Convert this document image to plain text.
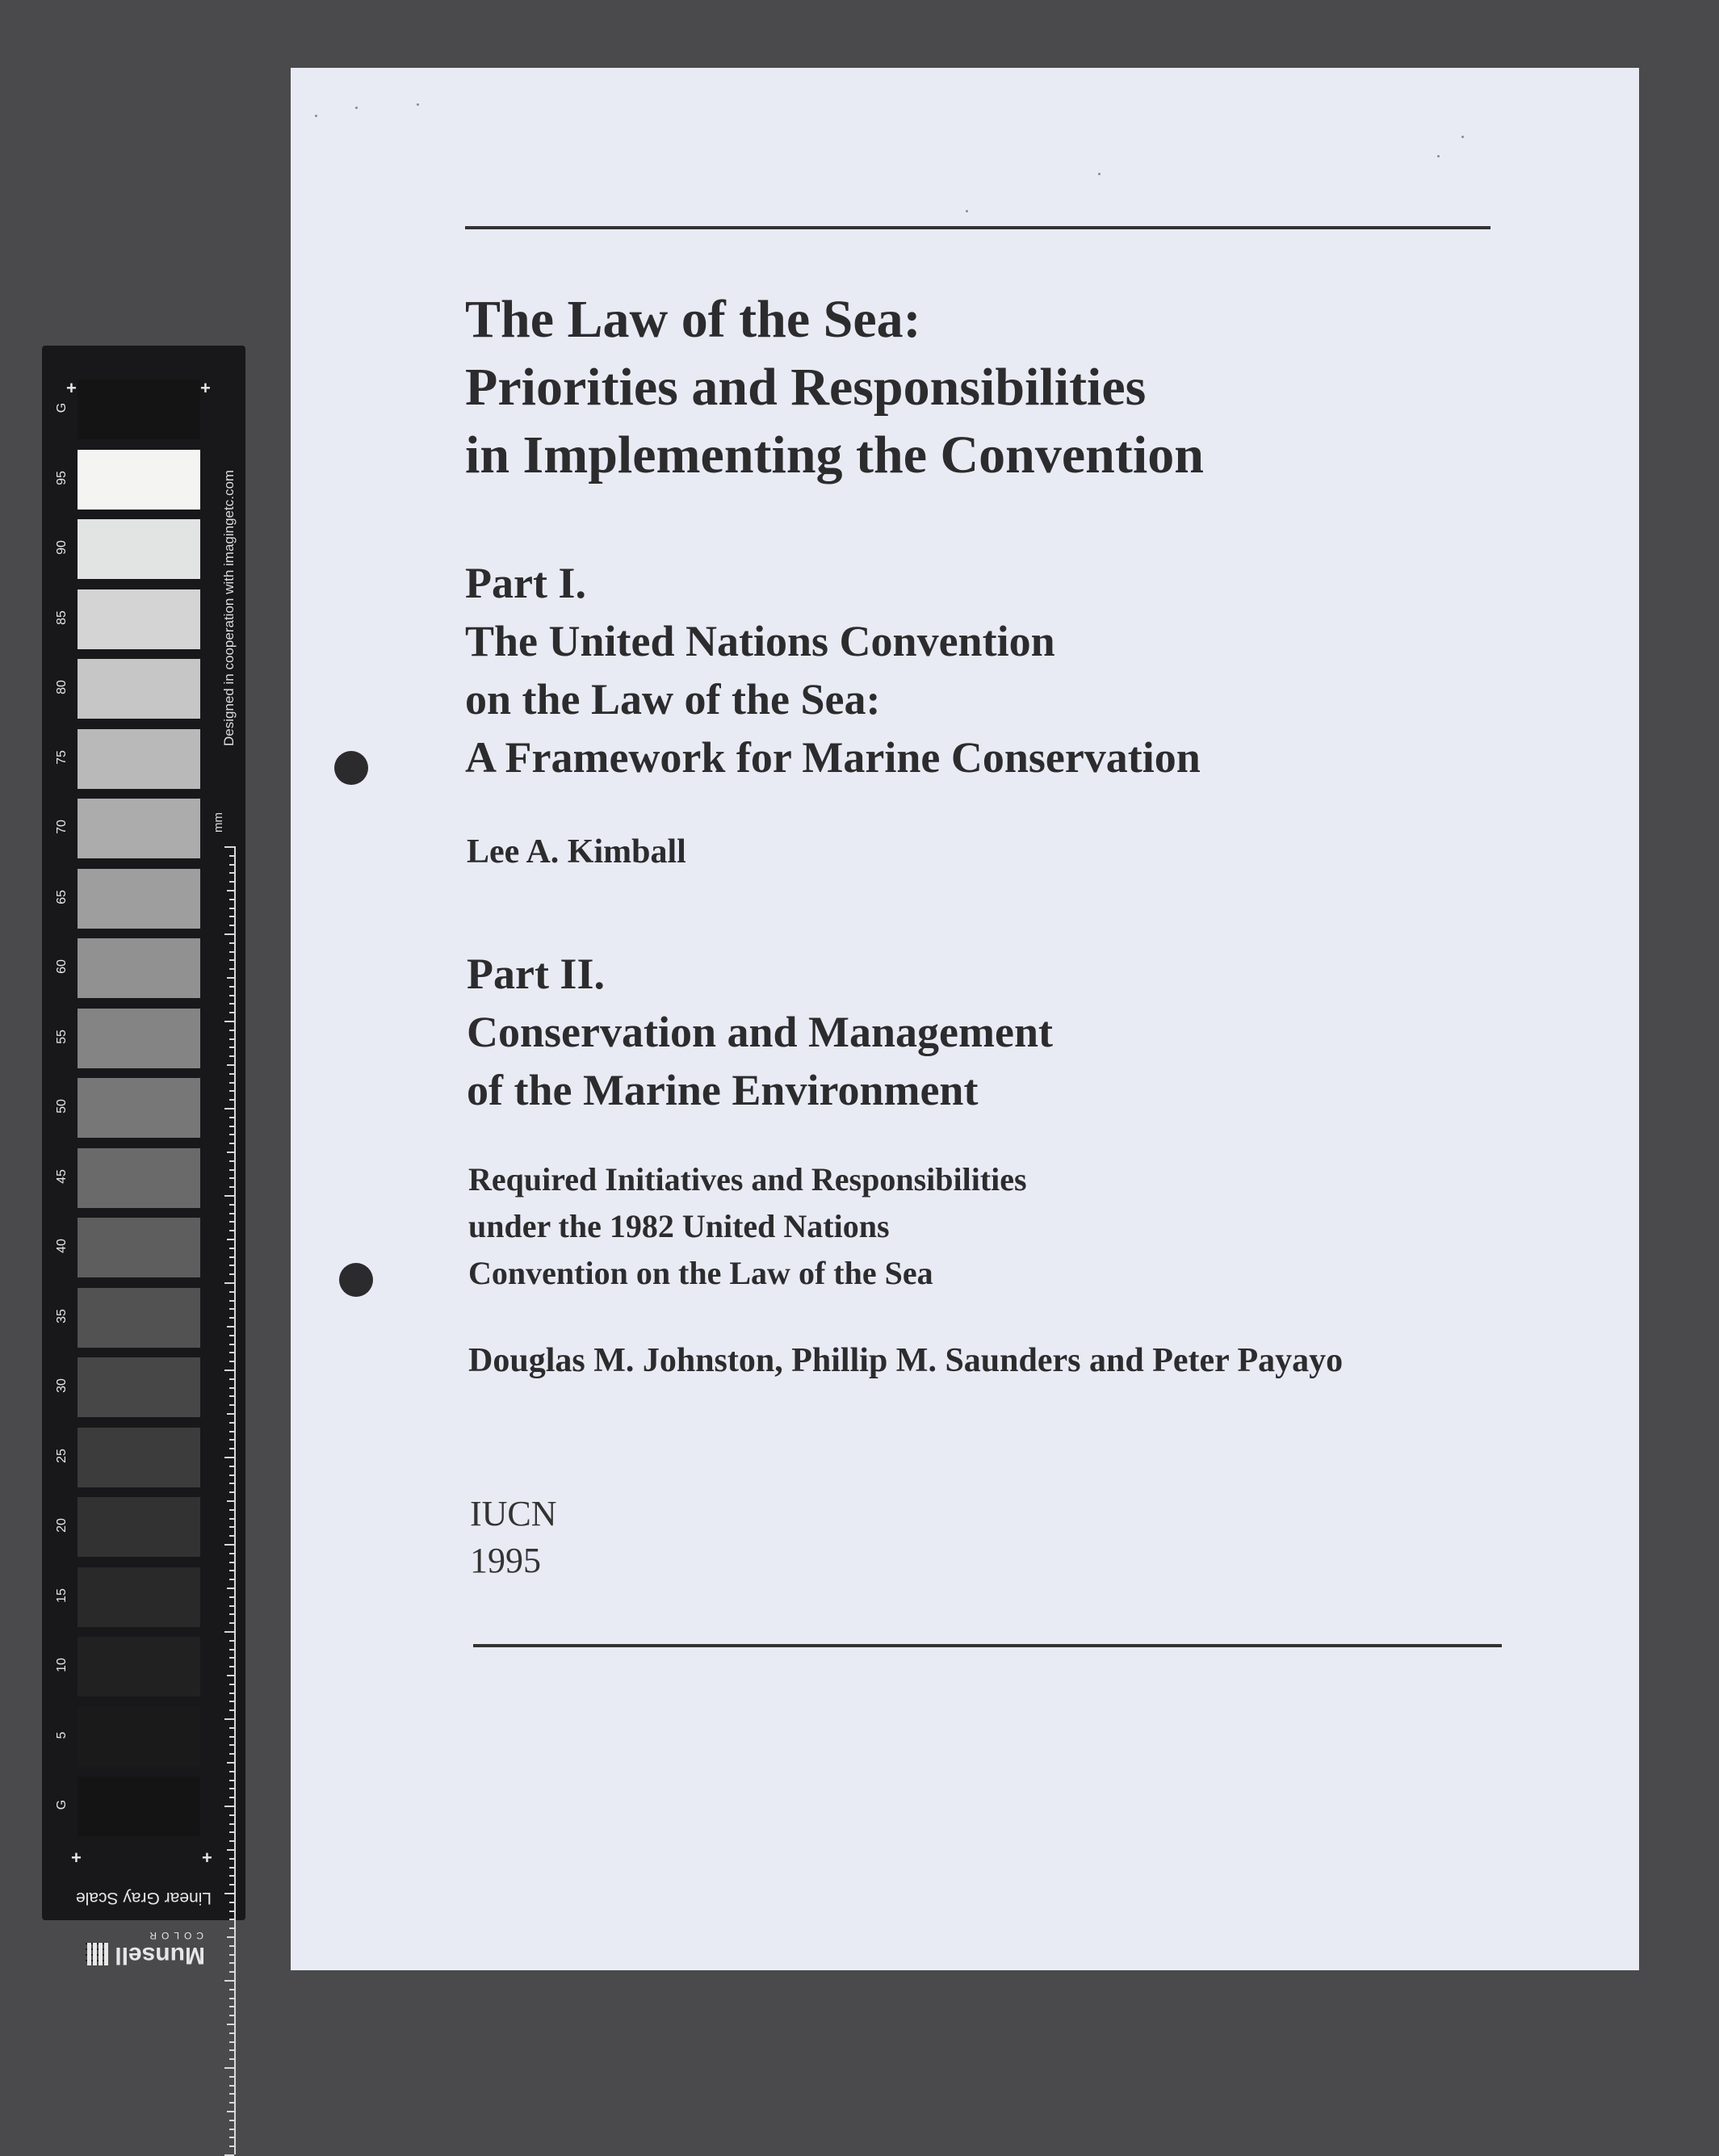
G
95
90
85
80
75
70
65
60
55
50
45
40
35
30
25
20
15
10
5
G
+	+
+	+
Designed in cooperation with imagingetc.com
mm
Linear Gray Scale
Munsell
COLOR
The Law of the Sea:
Priorities and Responsibilities
in Implementing the Convention
Part I.
The United Nations Convention
on the Law of the Sea:
A Framework for Marine Conservation
Lee A. Kimball
Part II.
Conservation and Management
of the Marine Environment
Required Initiatives and Responsibilities
under the 1982 United Nations
Convention on the Law of the Sea
Douglas M. Johnston, Phillip M. Saunders and Peter Payayo
IUCN
1995
